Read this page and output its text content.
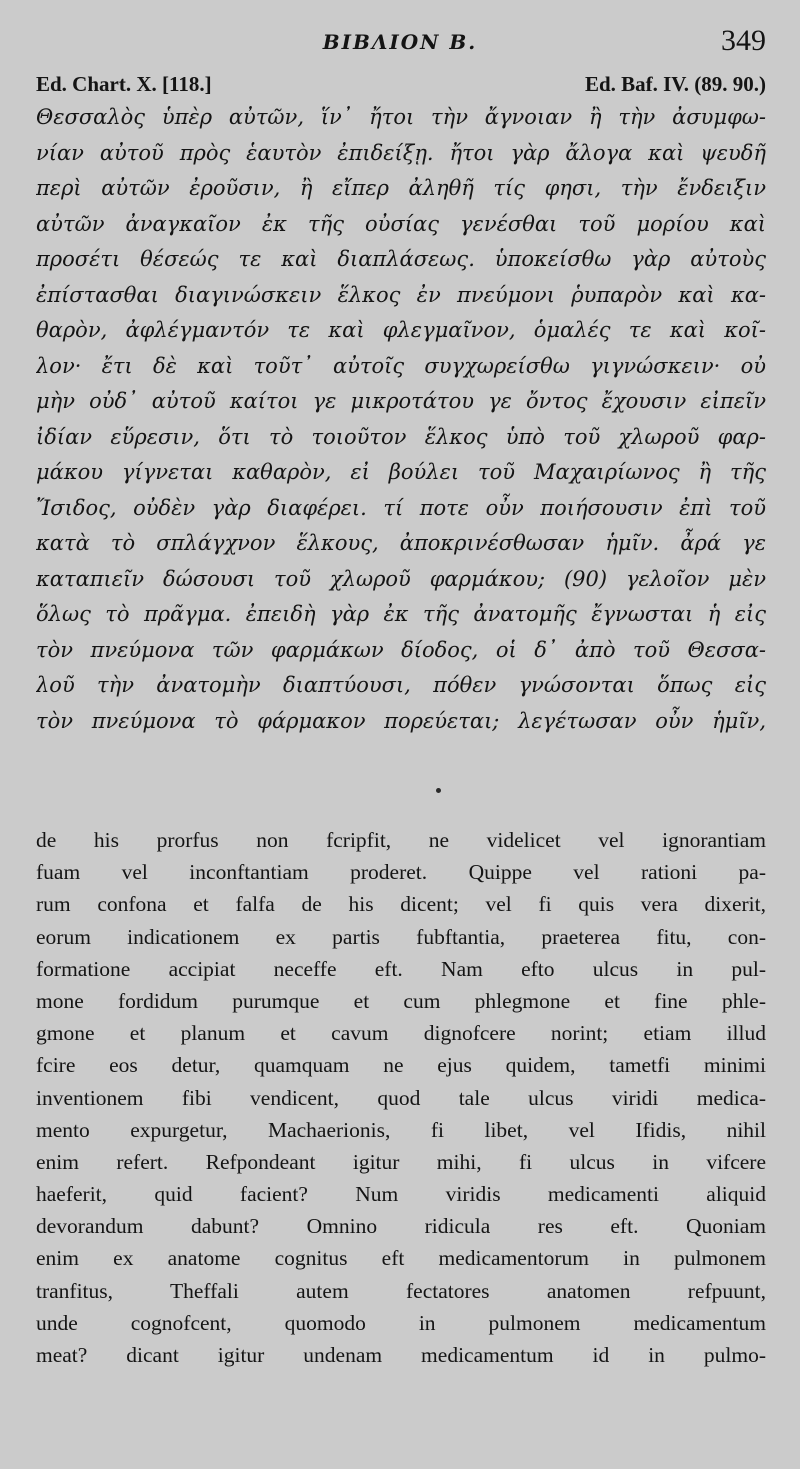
BIBΛΙΟΝ B.	349
Ed. Chart. X. [118.]	Ed. Baf. IV. (89. 90.)
Θεσσαλὸς ὑπὲρ αὐτῶν, ἵν᾽ ἤτοι τὴν ἄγνοιαν ἢ τὴν ἀσυμφω-
νίαν αὐτοῦ πρὸς ἑαυτὸν ἐπιδείξῃ. ἤτοι γὰρ ἄλογα καὶ ψευδῆ
περὶ αὐτῶν ἐροῦσιν, ἢ εἴπερ ἀληθῆ τίς φησι, τὴν ἔνδειξιν
αὐτῶν ἀναγκαῖον ἐκ τῆς οὐσίας γενέσθαι τοῦ μορίου καὶ
προσέτι θέσεώς τε καὶ διαπλάσεως. ὑποκείσθω γὰρ αὐτοὺς
ἐπίστασθαι διαγινώσκειν ἕλκος ἐν πνεύμονι ῥυπαρὸν καὶ κα-
θαρὸν, ἀφλέγμαντόν τε καὶ φλεγμαῖνον, ὁμαλές τε καὶ κοῖ-
λον· ἔτι δὲ καὶ τοῦτ᾽ αὐτοῖς συγχωρείσθω γιγνώσκειν· οὐ
μὴν οὐδ᾽ αὐτοῦ καίτοι γε μικροτάτου γε ὄντος ἔχουσιν εἰπεῖν
ἰδίαν εὕρεσιν, ὅτι τὸ τοιοῦτον ἕλκος ὑπὸ τοῦ χλωροῦ φαρ-
μάκου γίγνεται καθαρὸν, εἰ βούλει τοῦ Μαχαιρίωνος ἢ τῆς
Ἴσιδος, οὐδὲν γὰρ διαφέρει. τί ποτε οὖν ποιήσουσιν ἐπὶ τοῦ
κατὰ τὸ σπλάγχνον ἕλκους, ἀποκρινέσθωσαν ἡμῖν. ἆρά γε
καταπιεῖν δώσουσι τοῦ χλωροῦ φαρμάκου; (90) γελοῖον μὲν
ὅλως τὸ πρᾶγμα. ἐπειδὴ γὰρ ἐκ τῆς ἀνατομῆς ἔγνωσται ἡ εἰς
τὸν πνεύμονα τῶν φαρμάκων δίοδος, οἱ δ᾽ ἀπὸ τοῦ Θεσσα-
λοῦ τὴν ἀνατομὴν διαπτύουσι, πόθεν γνώσονται ὅπως εἰς
τὸν πνεύμονα τὸ φάρμακον πορεύεται; λεγέτωσαν οὖν ἡμῖν,
de his prorfus non fcripfit, ne videlicet vel ignorantiam
fuam vel inconftantiam proderet. Quippe vel rationi pa-
rum confona et falfa de his dicent; vel fi quis vera dixerit,
eorum indicationem ex partis fubftantia, praeterea fitu, con-
formatione accipiat neceffe eft. Nam efto ulcus in pul-
mone fordidum purumque et cum phlegmone et fine phle-
gmone et planum et cavum dignofcere norint; etiam illud
fcire eos detur, quamquam ne ejus quidem, tametfi minimi
inventionem fibi vendicent, quod tale ulcus viridi medica-
mento expurgetur, Machaerionis, fi libet, vel Ifidis, nihil
enim refert. Refpondeant igitur mihi, fi ulcus in vifcere
haeferit, quid facient? Num viridis medicamenti aliquid
devorandum dabunt? Omnino ridicula res eft. Quoniam
enim ex anatome cognitus eft medicamentorum in pulmonem
tranfitus, Theffali autem fectatores anatomen refpuunt,
unde cognofcent, quomodo in pulmonem medicamentum
meat? dicant igitur undenam medicamentum id in pulmo-
